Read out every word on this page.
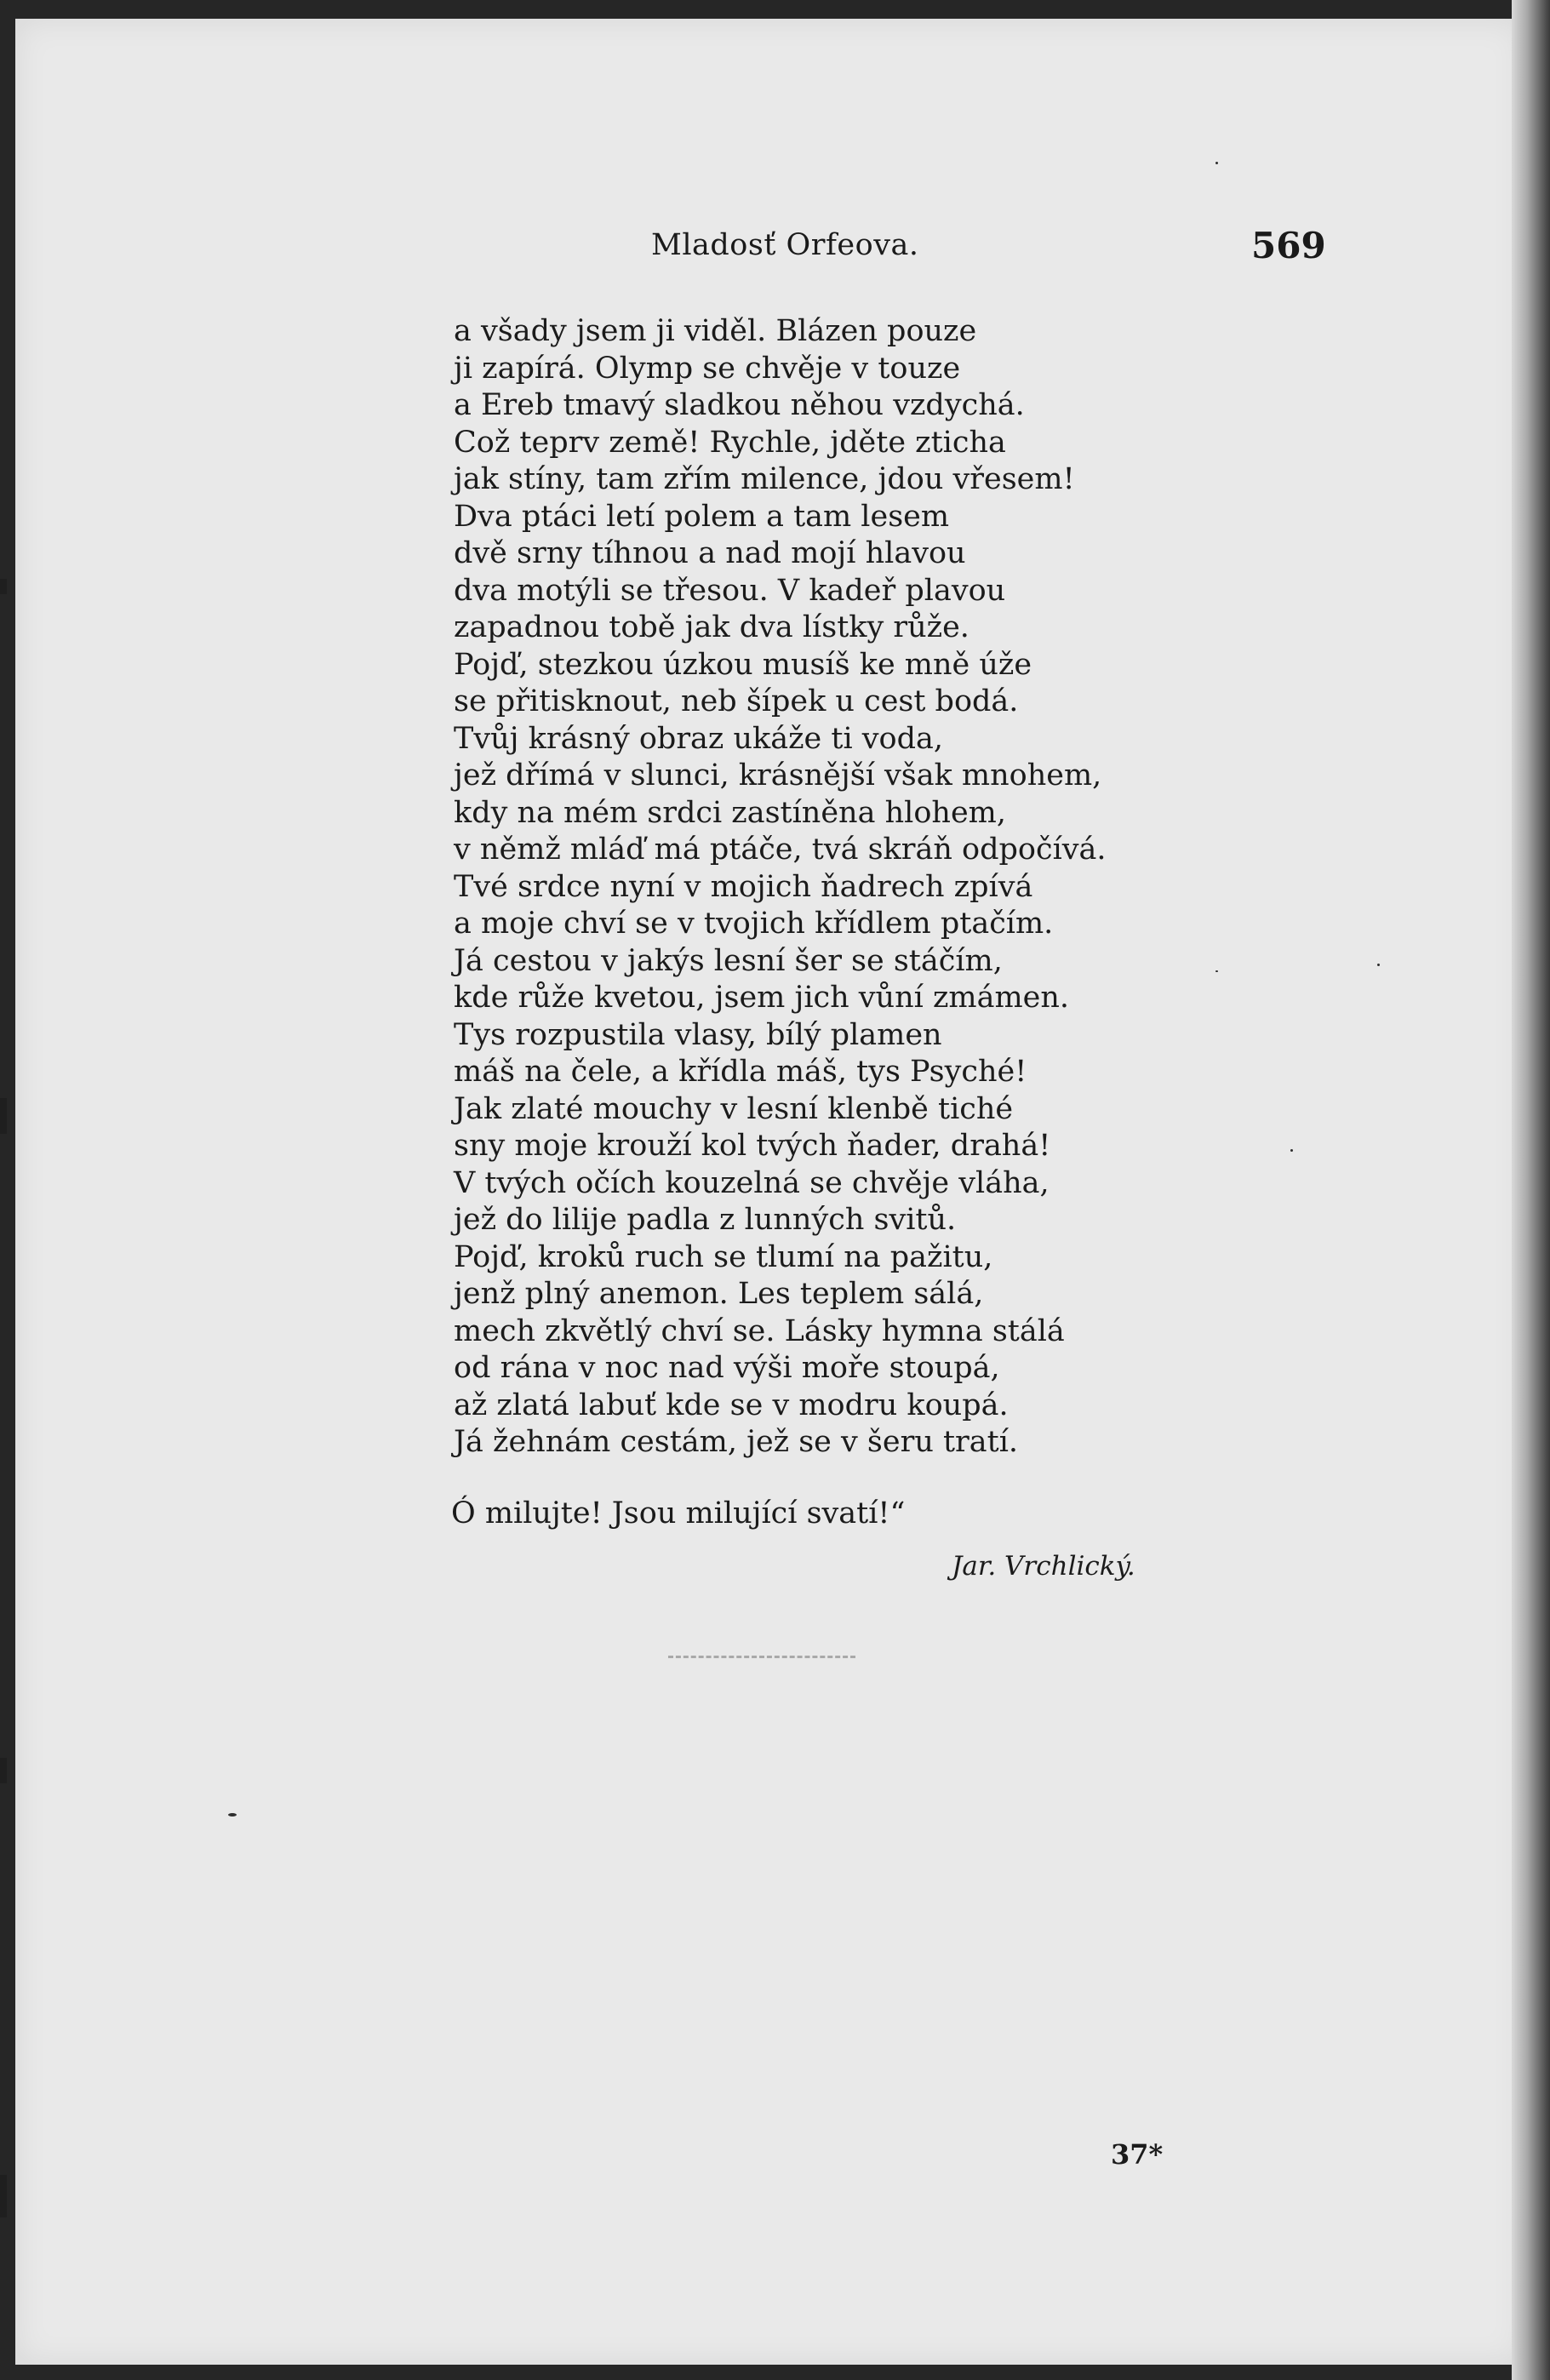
Mladosť Orfeova.	569
a všady jsem ji viděl. Blázen pouze
ji zapírá. Olymp se chvěje v touze
a Ereb tmavý sladkou něhou vzdychá.
Což teprv země! Rychle, jděte zticha
jak stíny, tam zřím milence, jdou vřesem!
Dva ptáci letí polem a tam lesem
dvě srny tíhnou a nad mojí hlavou
dva motýli se třesou. V kadeř plavou
zapadnou tobě jak dva lístky růže.
Pojď, stezkou úzkou musíš ke mně úže
se přitisknout, neb šípek u cest bodá.
Tvůj krásný obraz ukáže ti voda,
jež dřímá v slunci, krásnější však mnohem,
kdy na mém srdci zastíněna hlohem,
v němž mláď má ptáče, tvá skráň odpočívá.
Tvé srdce nyní v mojich ňadrech zpívá
a moje chví se v tvojich křídlem ptačím.
Já cestou v jakýs lesní šer se stáčím,
kde růže kvetou, jsem jich vůní zmámen.
Tys rozpustila vlasy, bílý plamen
máš na čele, a křídla máš, tys Psyché!
Jak zlaté mouchy v lesní klenbě tiché
sny moje krouží kol tvých ňader, drahá!
V tvých očích kouzelná se chvěje vláha,
jež do lilije padla z lunných svitů.
Pojď, kroků ruch se tlumí na pažitu,
jenž plný anemon. Les teplem sálá,
mech zkvětlý chví se. Lásky hymna stálá
od rána v noc nad výši moře stoupá,
až zlatá labuť kde se v modru koupá.
Já žehnám cestám, jež se v šeru tratí.
Ó milujte! Jsou milující svatí!“
Jar. Vrchlický.
37*
